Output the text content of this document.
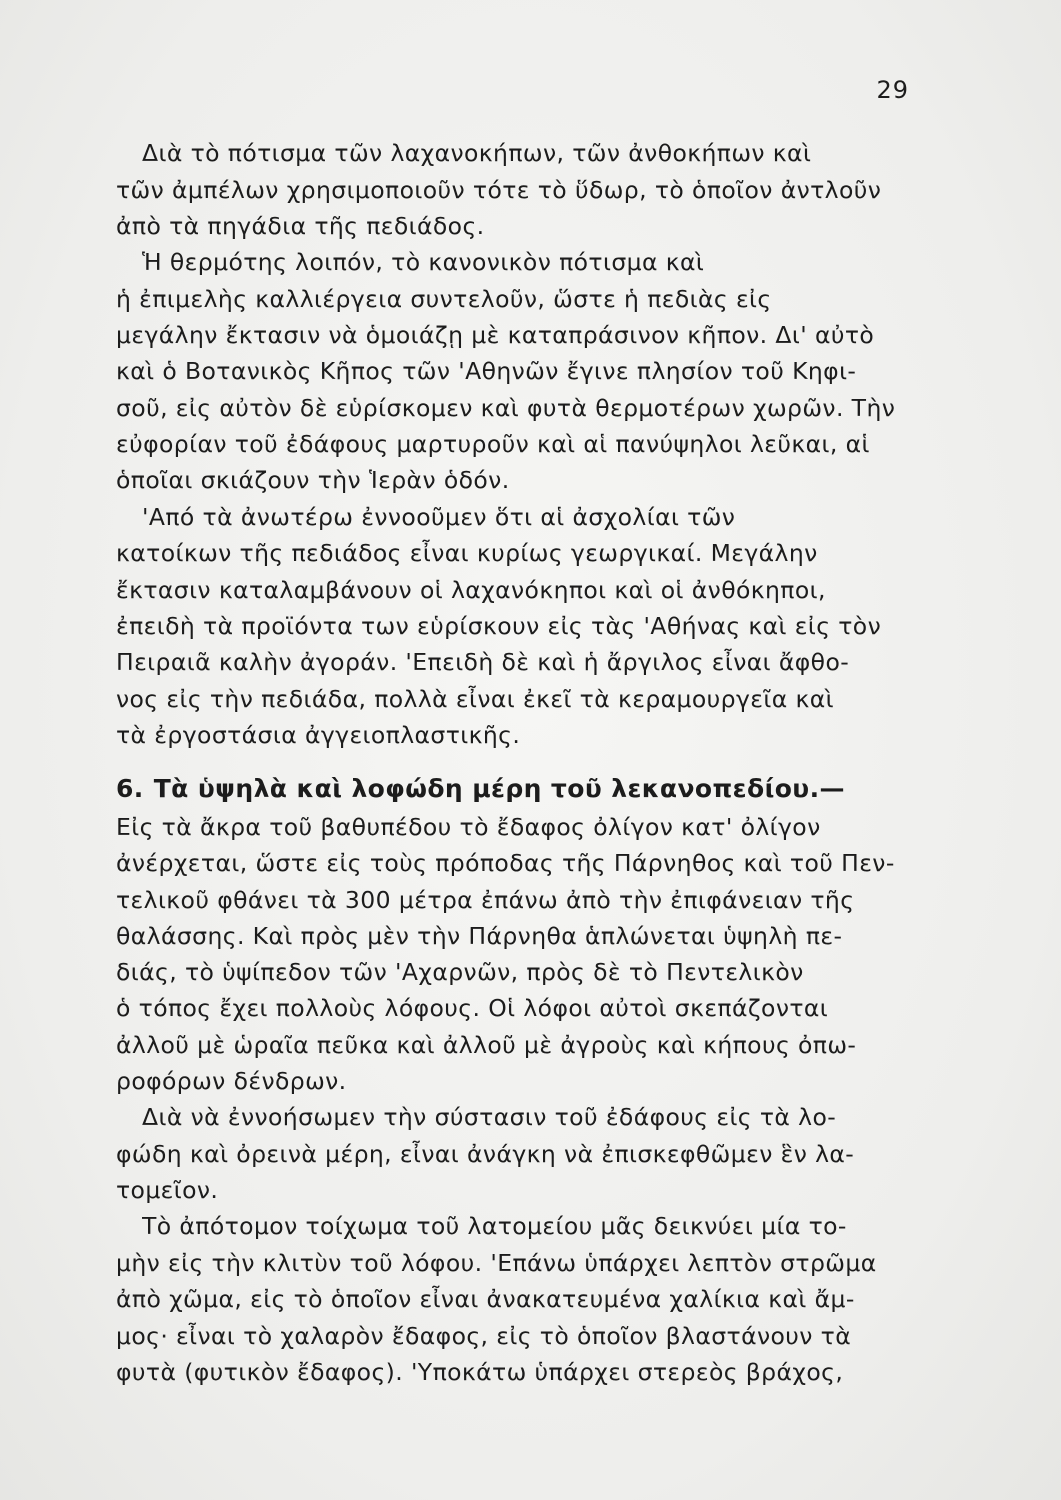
29
Διὰ τὸ πότισμα τῶν λαχανοκήπων, τῶν ἀνθοκήπων καὶ
τῶν ἀμπέλων χρησιμοποιοῦν τότε τὸ ὕδωρ, τὸ ὁποῖον ἀντλοῦν
ἀπὸ τὰ πηγάδια τῆς πεδιάδος.
Ἡ θερμότης λοιπόν, τὸ κανονικὸν πότισμα καὶ
ἡ ἐπιμελὴς καλλιέργεια συντελοῦν, ὥστε ἡ πεδιὰς εἰς
μεγάλην ἔκτασιν νὰ ὁμοιάζῃ μὲ καταπράσινον κῆπον. Δι' αὐτὸ
καὶ ὁ Βοτανικὸς Κῆπος τῶν 'Αθηνῶν ἔγινε πλησίον τοῦ Κηφι-
σοῦ, εἰς αὐτὸν δὲ εὑρίσκομεν καὶ φυτὰ θερμοτέρων χωρῶν. Τὴν
εὐφορίαν τοῦ ἐδάφους μαρτυροῦν καὶ αἱ πανύψηλοι λεῦκαι, αἱ
ὁποῖαι σκιάζουν τὴν Ἱερὰν ὁδόν.
'Από τὰ ἀνωτέρω ἐννοοῦμεν ὅτι αἱ ἀσχολίαι τῶν
κατοίκων τῆς πεδιάδος εἶναι κυρίως γεωργικαί. Μεγάλην
ἔκτασιν καταλαμβάνουν οἱ λαχανόκηποι καὶ οἱ ἀνθόκηποι,
ἐπειδὴ τὰ προϊόντα των εὑρίσκουν εἰς τὰς 'Αθήνας καὶ εἰς τὸν
Πειραιᾶ καλὴν ἀγοράν. 'Επειδὴ δὲ καὶ ἡ ἄργιλος εἶναι ἄφθο-
νος εἰς τὴν πεδιάδα, πολλὰ εἶναι ἐκεῖ τὰ κεραμουργεῖα καὶ
τὰ ἐργοστάσια ἀγγειοπλαστικῆς.
6. Τὰ ὑψηλὰ καὶ λοφώδη μέρη τοῦ λεκανοπεδίου.—
Εἰς τὰ ἄκρα τοῦ βαθυπέδου τὸ ἔδαφος ὀλίγον κατ' ὀλίγον
ἀνέρχεται, ὥστε εἰς τοὺς πρόποδας τῆς Πάρνηθος καὶ τοῦ Πεν-
τελικοῦ φθάνει τὰ 300 μέτρα ἐπάνω ἀπὸ τὴν ἐπιφάνειαν τῆς
θαλάσσης. Καὶ πρὸς μὲν τὴν Πάρνηθα ἁπλώνεται ὑψηλὴ πε-
διάς, τὸ ὑψίπεδον τῶν 'Αχαρνῶν, πρὸς δὲ τὸ Πεντελικὸν
ὁ τόπος ἔχει πολλοὺς λόφους. Οἱ λόφοι αὐτοὶ σκεπάζονται
ἀλλοῦ μὲ ὡραῖα πεῦκα καὶ ἀλλοῦ μὲ ἀγροὺς καὶ κήπους ὀπω-
ροφόρων δένδρων.
Διὰ νὰ ἐννοήσωμεν τὴν σύστασιν τοῦ ἐδάφους εἰς τὰ λο-
φώδη καὶ ὀρεινὰ μέρη, εἶναι ἀνάγκη νὰ ἐπισκεφθῶμεν ἓν λα-
τομεῖον.
Τὸ ἀπότομον τοίχωμα τοῦ λατομείου μᾶς δεικνύει μία το-
μὴν εἰς τὴν κλιτὺν τοῦ λόφου. 'Επάνω ὑπάρχει λεπτὸν στρῶμα
ἀπὸ χῶμα, εἰς τὸ ὁποῖον εἶναι ἀνακατευμένα χαλίκια καὶ ἄμ-
μος· εἶναι τὸ χαλαρὸν ἔδαφος, εἰς τὸ ὁποῖον βλαστάνουν τὰ
φυτὰ (φυτικὸν ἔδαφος). 'Υποκάτω ὑπάρχει στερεὸς βράχος,
